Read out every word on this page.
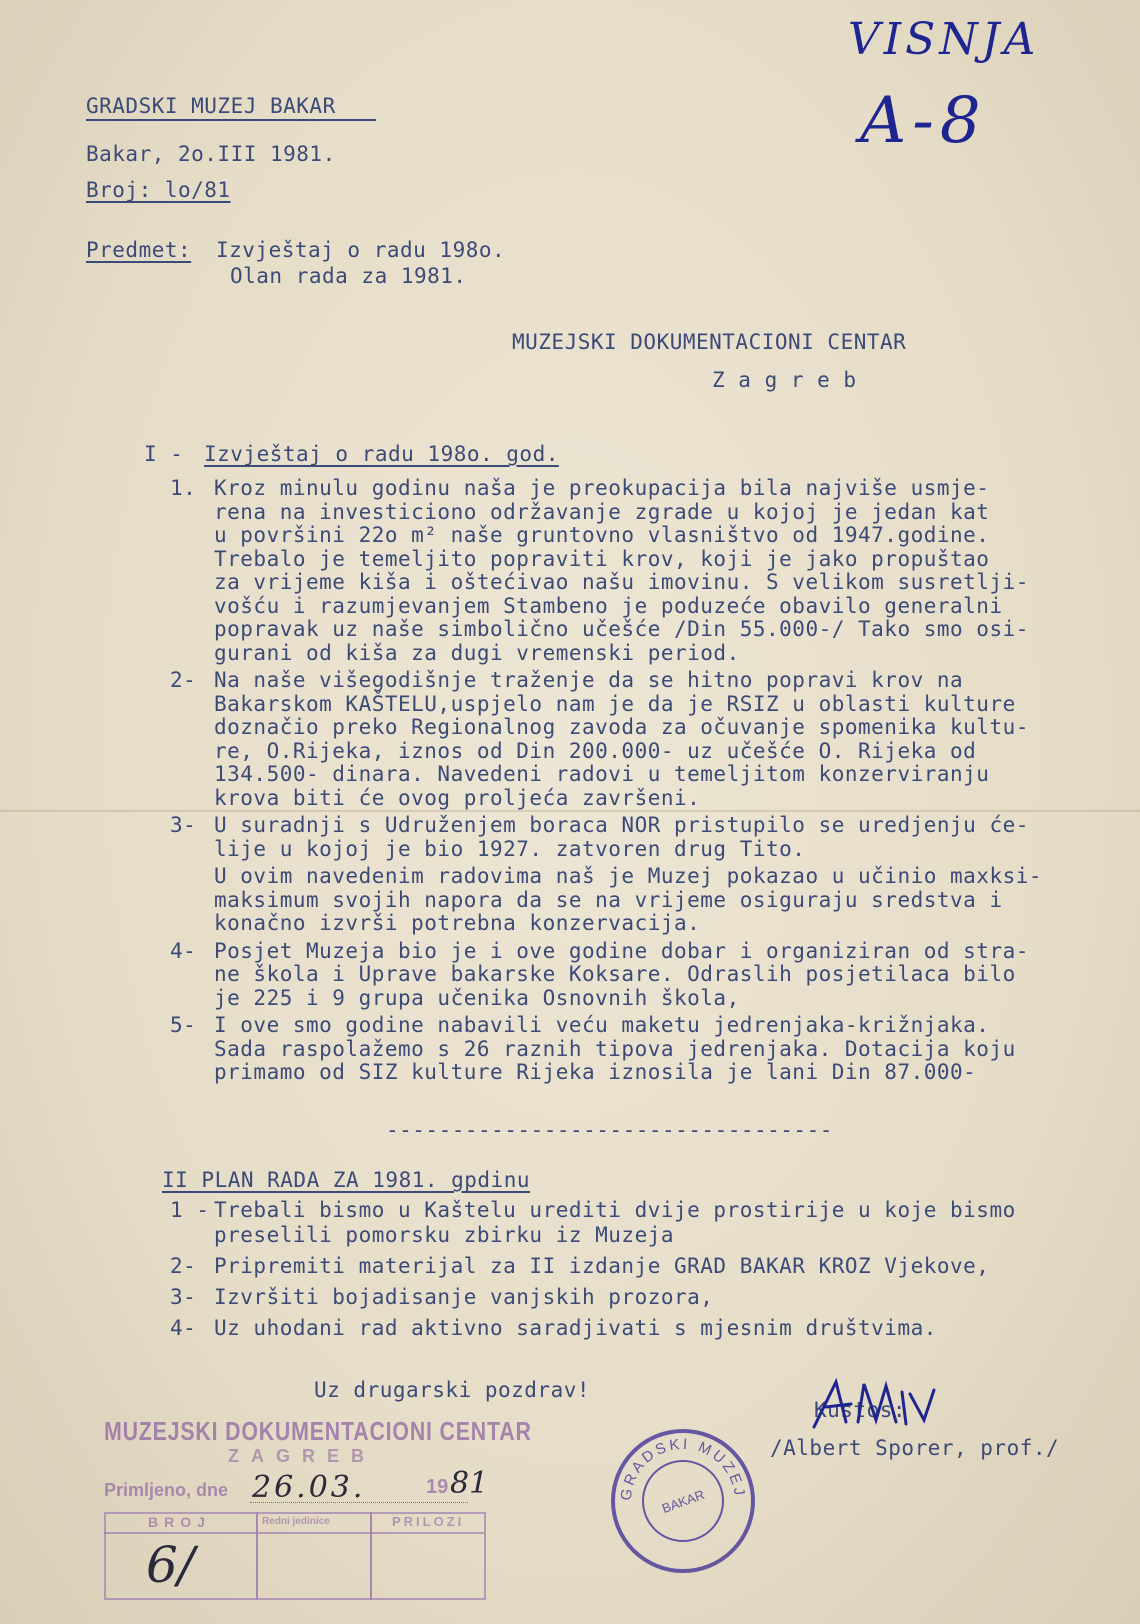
VISNJA
A-8
GRADSKI MUZEJ BAKAR
Bakar, 2o.III 1981.
Broj: lo/81
Predmet: Izvještaj o radu 198o.
Olan rada za 1981.
MUZEJSKI DOKUMENTACIONI CENTAR
Z a g r e b
I - Izvještaj o radu 198o. god.
----------------------------------
II PLAN RADA ZA 1981. gpdinu
Uz drugarski pozdrav!
Kustos:
/Albert Sporer, prof./
MUZEJSKI DOKUMENTACIONI CENTAR
ZAGREB
Primljeno, dne 26.03.	19 81
BROJ	Redni jedinice	PRILOZI
6/
GRADSKI MUZEJ
BAKAR
1. Kroz minulu godinu naša je preokupacija bila najviše usmje-
rena na investiciono održavanje zgrade u kojoj je jedan kat
u površini 22o m² naše gruntovno vlasništvo od 1947.godine.
Trebalo je temeljito popraviti krov, koji je jako propuštao
za vrijeme kiša i oštećivao našu imovinu. S velikom susretlji-
vošću i razumjevanjem Stambeno je poduzeće obavilo generalni
popravak uz naše simbolično učešće /Din 55.000-/ Tako smo osi-
gurani od kiša za dugi vremenski period.
2- Na naše višegodišnje traženje da se hitno popravi krov na
Bakarskom KAŠTELU,uspjelo nam je da je RSIZ u oblasti kulture
doznačio preko Regionalnog zavoda za očuvanje spomenika kultu-
re, O.Rijeka, iznos od Din 200.000- uz učešće O. Rijeka od
134.500- dinara. Navedeni radovi u temeljitom konzerviranju
krova biti će ovog proljeća završeni.
3- U suradnji s Udruženjem boraca NOR pristupilo se uredjenju će-
lije u kojoj je bio 1927. zatvoren drug Tito.
U ovim navedenim radovima naš je Muzej pokazao u učinio maxksi-
maksimum svojih napora da se na vrijeme osiguraju sredstva i
konačno izvrši potrebna konzervacija.
4- Posjet Muzeja bio je i ove godine dobar i organiziran od stra-
ne škola i Uprave bakarske Koksare. Odraslih posjetilaca bilo
je 225 i 9 grupa učenika Osnovnih škola,
5- I ove smo godine nabavili veću maketu jedrenjaka-križnjaka.
Sada raspolažemo s 26 raznih tipova jedrenjaka. Dotacija koju
primamo od SIZ kulture Rijeka iznosila je lani Din 87.000-
1 - Trebali bismo u Kaštelu urediti dvije prostirije u koje bismo
preselili pomorsku zbirku iz Muzeja
2- Pripremiti materijal za II izdanje GRAD BAKAR KROZ Vjekove,
3- Izvršiti bojadisanje vanjskih prozora,
4- Uz uhodani rad aktivno saradjivati s mjesnim društvima.
